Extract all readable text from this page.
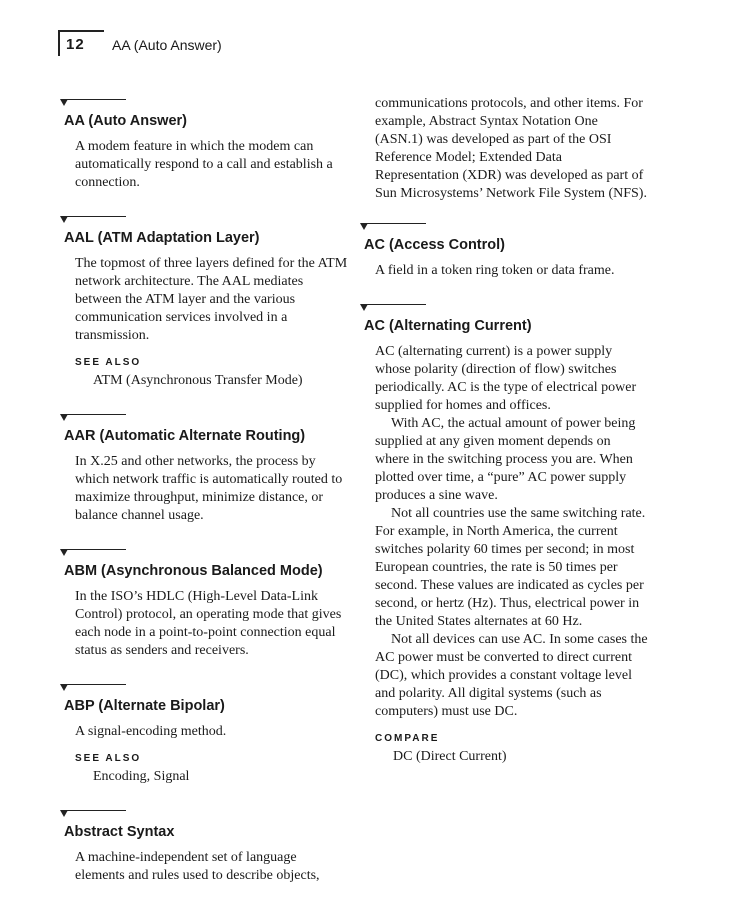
12 AA (Auto Answer)
AA (Auto Answer)

A modem feature in which the modem can automatically respond to a call and establish a connection.

AAL (ATM Adaptation Layer)

The topmost of three layers defined for the ATM network architecture. The AAL mediates between the ATM layer and the various communication services involved in a transmission.

SEE ALSO
ATM (Asynchronous Transfer Mode)
AAR (Automatic Alternate Routing)

In X.25 and other networks, the process by which network traffic is automatically routed to maximize throughput, minimize distance, or balance channel usage.

ABM (Asynchronous Balanced Mode)

In the ISO’s HDLC (High-Level Data-Link Control) protocol, an operating mode that gives each node in a point-to-point connection equal status as senders and receivers.

ABP (Alternate Bipolar)

A signal-encoding method.

SEE ALSO
Encoding, Signal
Abstract Syntax

A machine-independent set of language elements and rules used to describe objects,

communications protocols, and other items. For example, Abstract Syntax Notation One (ASN.1) was developed as part of the OSI Reference Model; Extended Data Representation (XDR) was developed as part of Sun Microsystems’ Network File System (NFS).
AC (Access Control)

A field in a token ring token or data frame.

AC (Alternating Current)

AC (alternating current) is a power supply whose polarity (direction of flow) switches periodically. AC is the type of electrical power supplied for homes and offices.

With AC, the actual amount of power being supplied at any given moment depends on where in the switching process you are. When plotted over time, a “pure” AC power supply produces a sine wave.

Not all countries use the same switching rate. For example, in North America, the current switches polarity 60 times per second; in most European countries, the rate is 50 times per second. These values are indicated as cycles per second, or hertz (Hz). Thus, electrical power in the United States alternates at 60 Hz.

Not all devices can use AC. In some cases the AC power must be converted to direct current (DC), which provides a constant voltage level and polarity. All digital systems (such as computers) must use DC.

COMPARE
DC (Direct Current)
